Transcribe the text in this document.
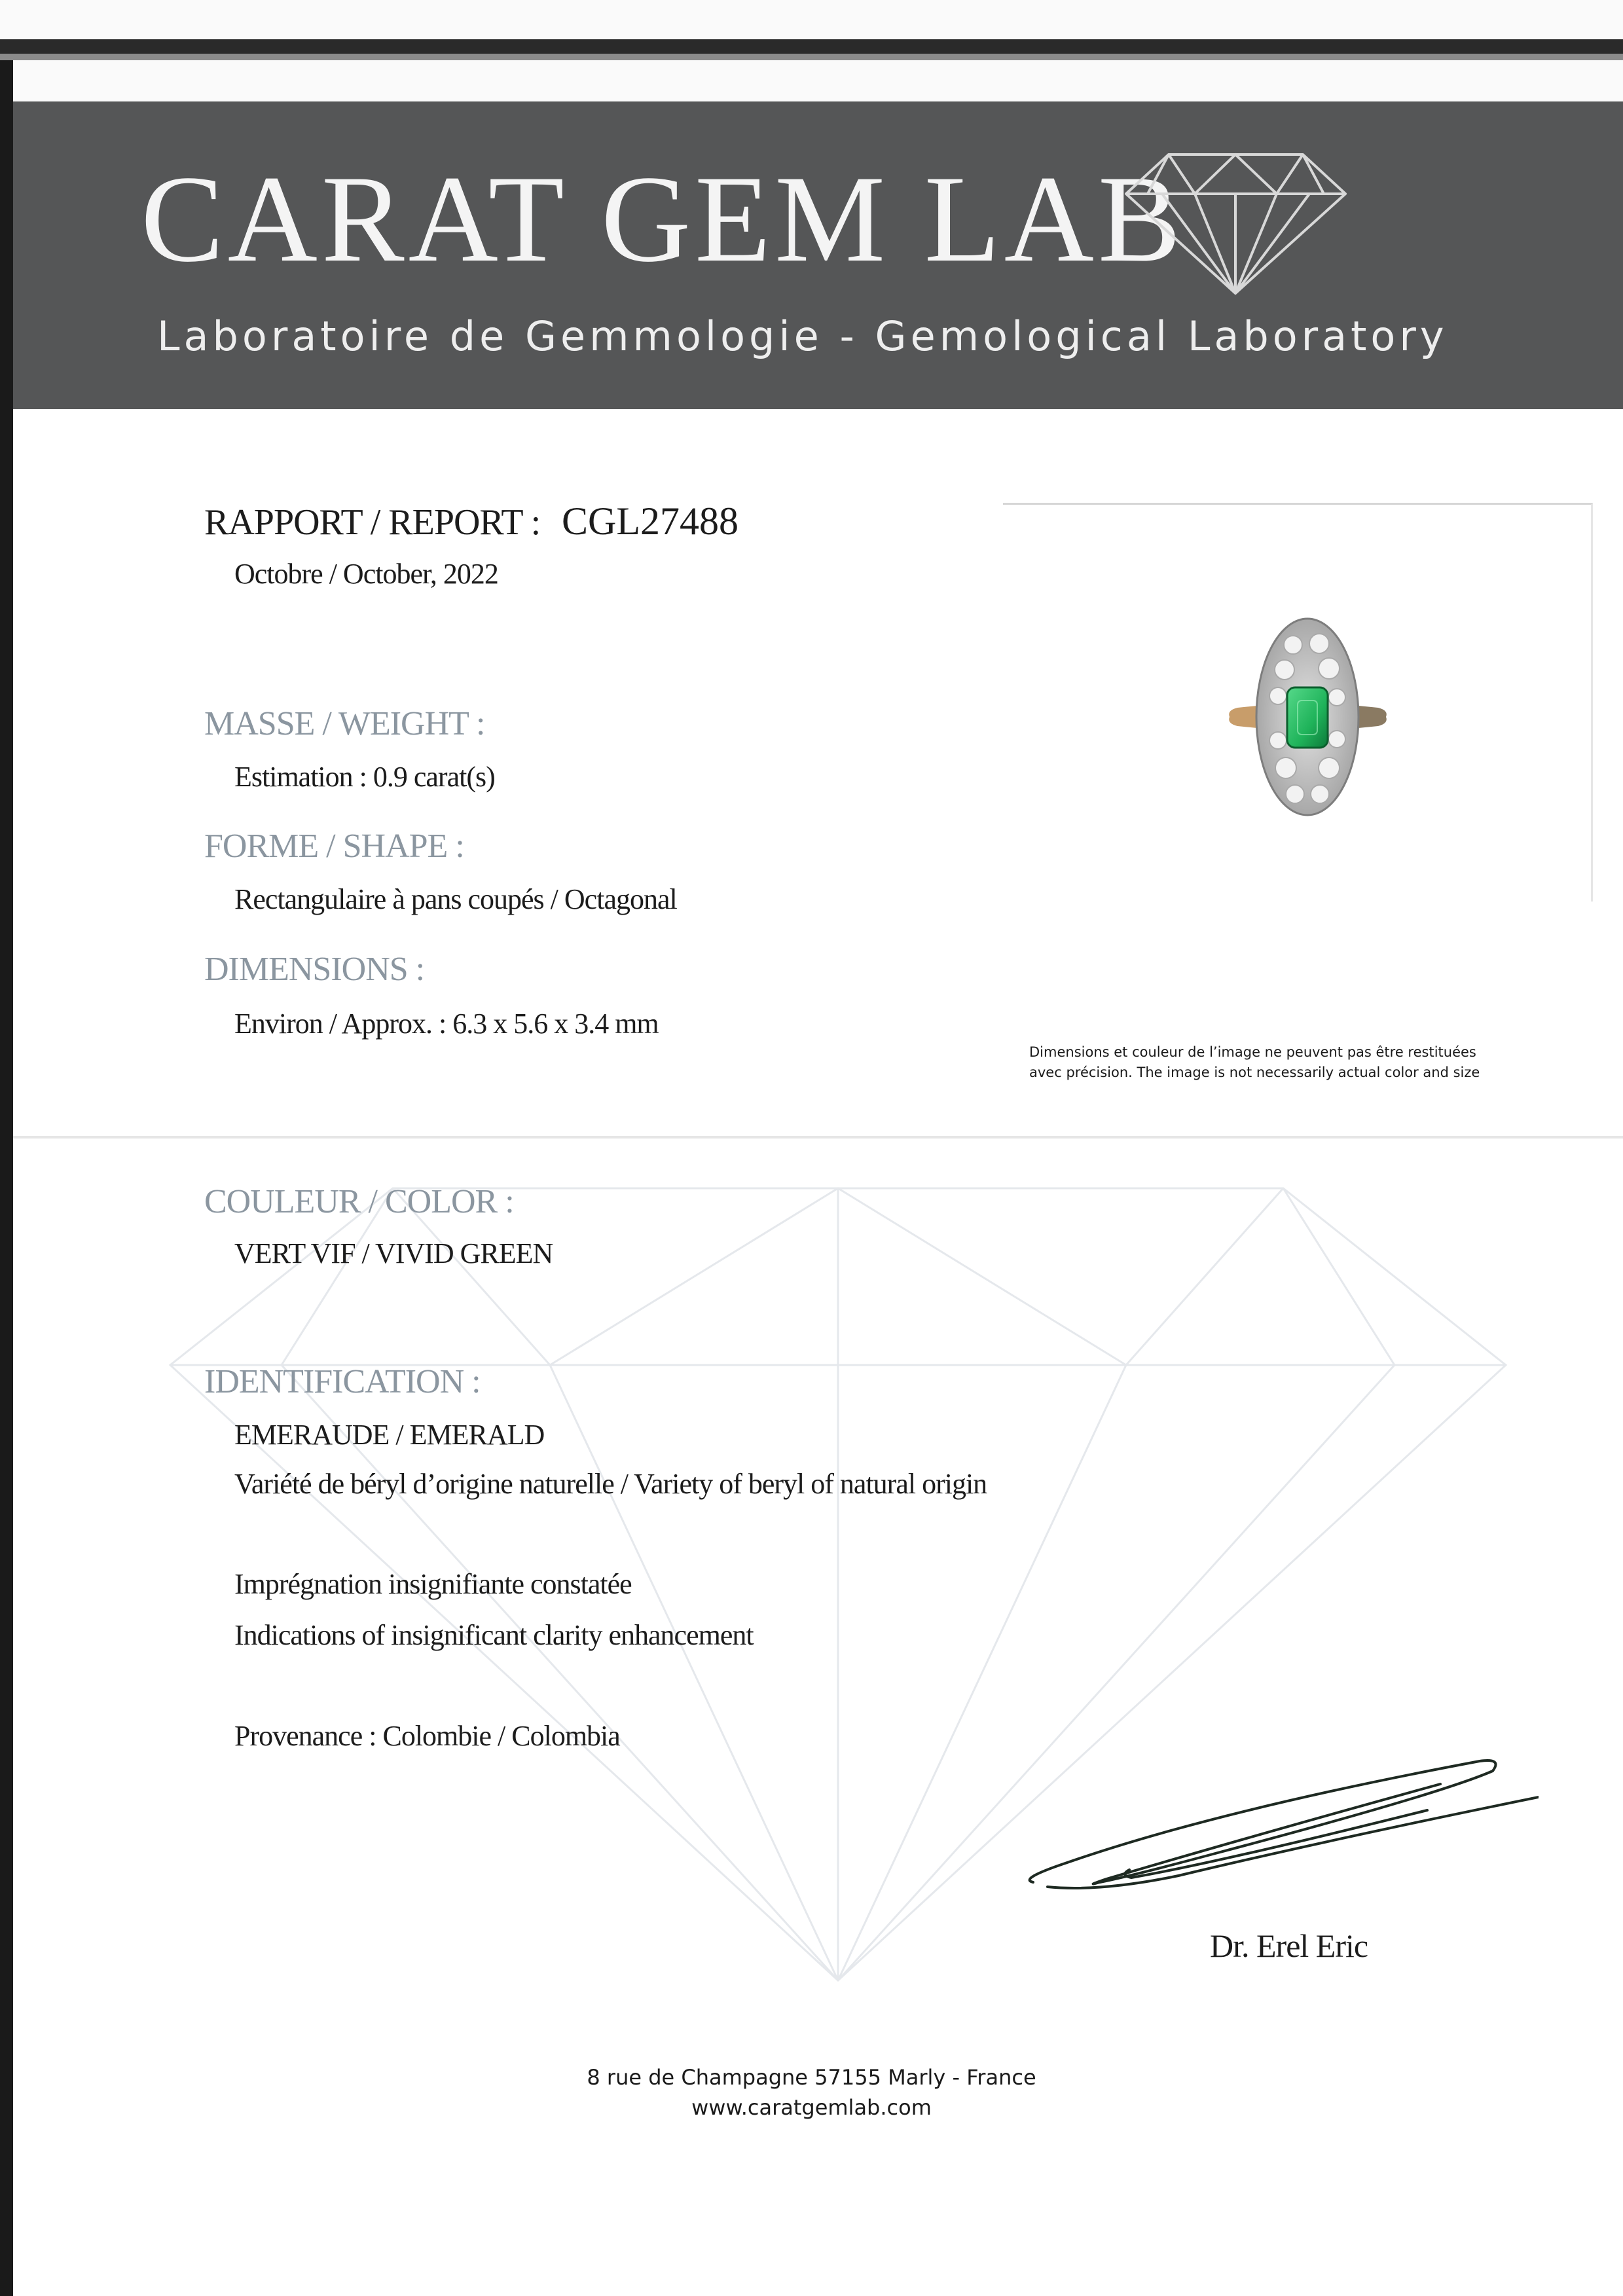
CARAT GEM LAB
Laboratoire de Gemmologie - Gemological Laboratory
RAPPORT / REPORT : CGL27488
Octobre / October, 2022
MASSE / WEIGHT :
Estimation : 0.9 carat(s)
FORME / SHAPE :
Rectangulaire à pans coupés / Octagonal
DIMENSIONS :
Environ / Approx. : 6.3 x 5.6 x 3.4 mm
COULEUR / COLOR :
VERT VIF / VIVID GREEN
IDENTIFICATION :
EMERAUDE / EMERALD
Variété de béryl d’origine naturelle / Variety of beryl of natural origin
Imprégnation insignifiante constatée
Indications of insignificant clarity enhancement
Provenance : Colombie / Colombia
Dimensions et couleur de l’image ne peuvent pas être restituées
avec précision. The image is not necessarily actual color and size
Dr. Erel Eric
8 rue de Champagne 57155 Marly - France
www.caratgemlab.com
